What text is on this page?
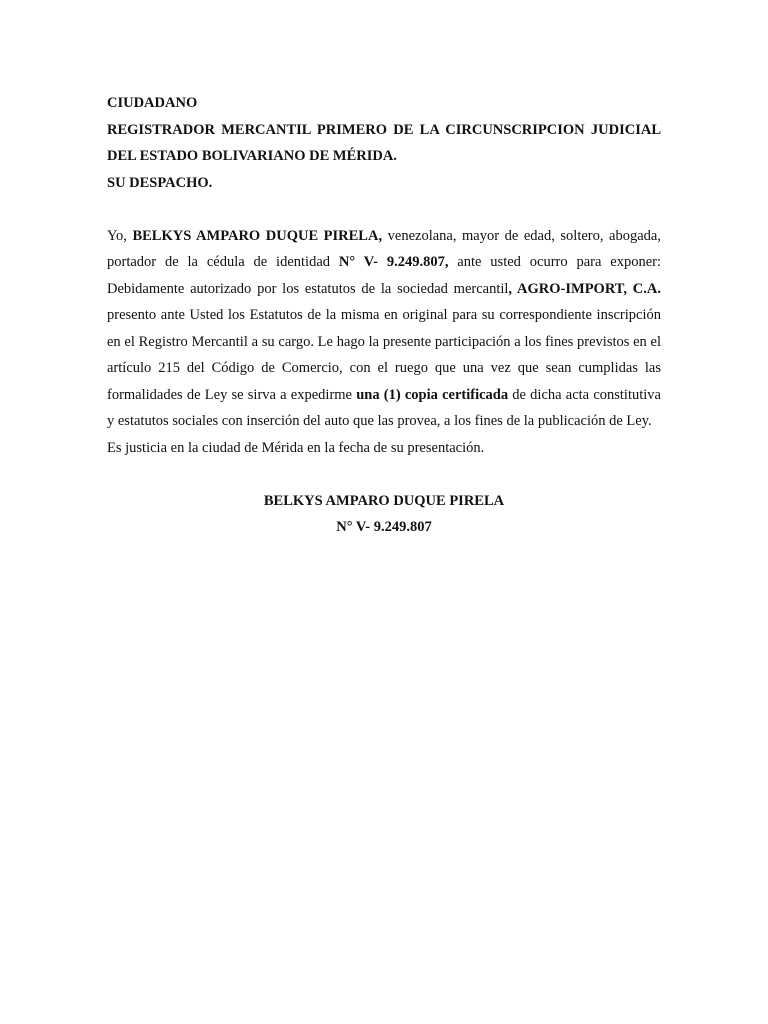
CIUDADANO

REGISTRADOR MERCANTIL PRIMERO DE LA CIRCUNSCRIPCION JUDICIAL DEL ESTADO BOLIVARIANO DE MÉRIDA.

SU DESPACHO.

Yo, BELKYS AMPARO DUQUE PIRELA, venezolana, mayor de edad, soltero, abogada, portador de la cédula de identidad N° V- 9.249.807, ante usted ocurro para exponer: Debidamente autorizado por los estatutos de la sociedad mercantil, AGRO-IMPORT, C.A. presento ante Usted los Estatutos de la misma en original para su correspondiente inscripción en el Registro Mercantil a su cargo. Le hago la presente participación a los fines previstos en el artículo 215 del Código de Comercio, con el ruego que una vez que sean cumplidas las formalidades de Ley se sirva a expedirme una (1) copia certificada de dicha acta constitutiva y estatutos sociales con inserción del auto que las provea, a los fines de la publicación de Ley.

Es justicia en la ciudad de Mérida en la fecha de su presentación.

BELKYS AMPARO DUQUE PIRELA

N° V- 9.249.807
